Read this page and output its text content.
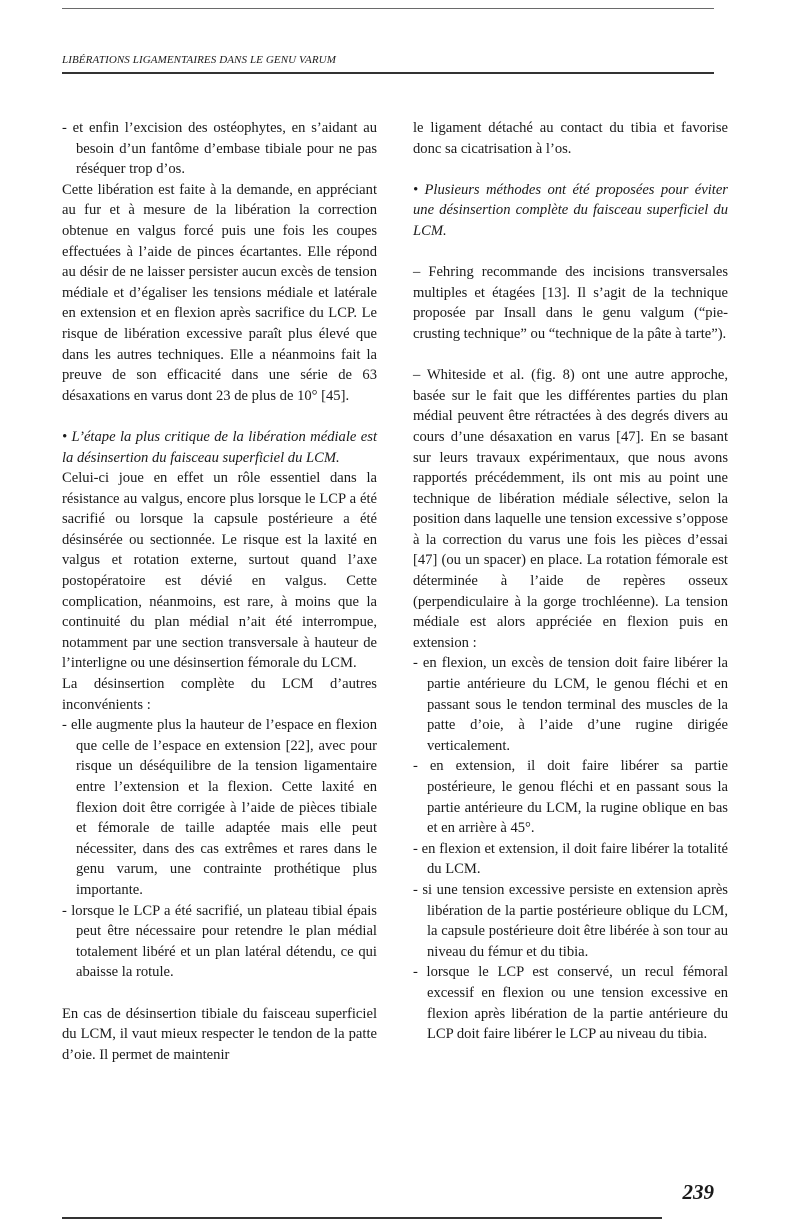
LIBÉRATIONS LIGAMENTAIRES DANS LE GENU VARUM

- et enfin l’excision des ostéophytes, en s’aidant au besoin d’un fantôme d’embase tibiale pour ne pas réséquer trop d’os.

Cette libération est faite à la demande, en appréciant au fur et à mesure de la libération la correction obtenue en valgus forcé puis une fois les coupes effectuées à l’aide de pinces écartantes. Elle répond au désir de ne laisser persister aucun excès de tension médiale et d’égaliser les tensions médiale et latérale en extension et en flexion après sacrifice du LCP. Le risque de libération excessive paraît plus élevé que dans les autres techniques. Elle a néanmoins fait la preuve de son efficacité dans une série de 63 désaxations en varus dont 23 de plus de 10° [45].

• L’étape la plus critique de la libération médiale est la désinsertion du faisceau superficiel du LCM.

Celui-ci joue en effet un rôle essentiel dans la résistance au valgus, encore plus lorsque le LCP a été sacrifié ou lorsque la capsule postérieure a été désinsérée ou sectionnée. Le risque est la laxité en valgus et rotation externe, surtout quand l’axe postopératoire est dévié en valgus. Cette complication, néanmoins, est rare, à moins que la continuité du plan médial n’ait été interrompue, notamment par une section transversale à hauteur de l’interligne ou une désinsertion fémorale du LCM.

La désinsertion complète du LCM d’autres inconvénients :

- elle augmente plus la hauteur de l’espace en flexion que celle de l’espace en extension [22], avec pour risque un déséquilibre de la tension ligamentaire entre l’extension et la flexion. Cette laxité en flexion doit être corrigée à l’aide de pièces tibiale et fémorale de taille adaptée mais elle peut nécessiter, dans des cas extrêmes et rares dans le genu varum, une contrainte prothétique plus importante.

- lorsque le LCP a été sacrifié, un plateau tibial épais peut être nécessaire pour retendre le plan médial totalement libéré et un plan latéral détendu, ce qui abaisse la rotule.

En cas de désinsertion tibiale du faisceau superficiel du LCM, il vaut mieux respecter le tendon de la patte d’oie. Il permet de maintenir

le ligament détaché au contact du tibia et favorise donc sa cicatrisation à l’os.

• Plusieurs méthodes ont été proposées pour éviter une désinsertion complète du faisceau superficiel du LCM.

– Fehring recommande des incisions transversales multiples et étagées [13]. Il s’agit de la technique proposée par Insall dans le genu valgum (“pie-crusting technique” ou “technique de la pâte à tarte”).

– Whiteside et al. (fig. 8) ont une autre approche, basée sur le fait que les différentes parties du plan médial peuvent être rétractées à des degrés divers au cours d’une désaxation en varus [47]. En se basant sur leurs travaux expérimentaux, que nous avons rapportés précédemment, ils ont mis au point une technique de libération médiale sélective, selon la position dans laquelle une tension excessive s’oppose à la correction du varus une fois les pièces d’essai [47] (ou un spacer) en place. La rotation fémorale est déterminée à l’aide de repères osseux (perpendiculaire à la gorge trochléenne). La tension médiale est alors appréciée en flexion puis en extension :

- en flexion, un excès de tension doit faire libérer la partie antérieure du LCM, le genou fléchi et en passant sous le tendon terminal des muscles de la patte d’oie, à l’aide d’une rugine dirigée verticalement.

- en extension, il doit faire libérer sa partie postérieure, le genou fléchi et en passant sous la partie antérieure du LCM, la rugine oblique en bas et en arrière à 45°.

- en flexion et extension, il doit faire libérer la totalité du LCM.

- si une tension excessive persiste en extension après libération de la partie postérieure oblique du LCM, la capsule postérieure doit être libérée à son tour au niveau du fémur et du tibia.

- lorsque le LCP est conservé, un recul fémoral excessif en flexion ou une tension excessive en flexion après libération de la partie antérieure du LCP doit faire libérer le LCP au niveau du tibia.

239
